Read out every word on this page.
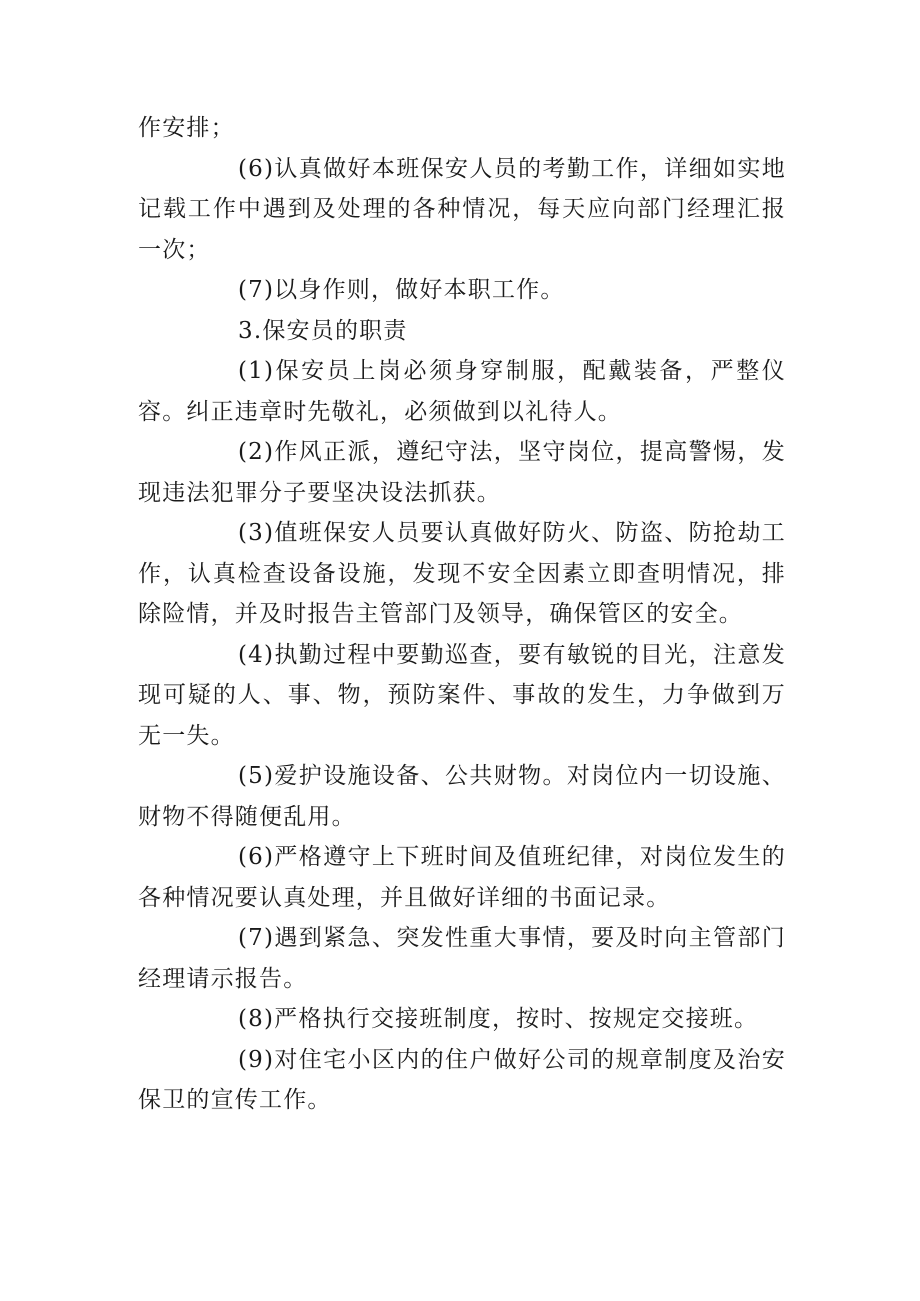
作安排；

(6)认真做好本班保安人员的考勤工作，详细如实地记载工作中遇到及处理的各种情况，每天应向部门经理汇报一次；

(7)以身作则，做好本职工作。

3.保安员的职责

(1)保安员上岗必须身穿制服，配戴装备，严整仪容。纠正违章时先敬礼，必须做到以礼待人。

(2)作风正派，遵纪守法，坚守岗位，提高警惕，发现违法犯罪分子要坚决设法抓获。

(3)值班保安人员要认真做好防火、防盗、防抢劫工作，认真检查设备设施，发现不安全因素立即查明情况，排除险情，并及时报告主管部门及领导，确保管区的安全。

(4)执勤过程中要勤巡查，要有敏锐的目光，注意发现可疑的人、事、物，预防案件、事故的发生，力争做到万无一失。

(5)爱护设施设备、公共财物。对岗位内一切设施、财物不得随便乱用。

(6)严格遵守上下班时间及值班纪律，对岗位发生的各种情况要认真处理，并且做好详细的书面记录。

(7)遇到紧急、突发性重大事情，要及时向主管部门经理请示报告。

(8)严格执行交接班制度，按时、按规定交接班。

(9)对住宅小区内的住户做好公司的规章制度及治安保卫的宣传工作。
